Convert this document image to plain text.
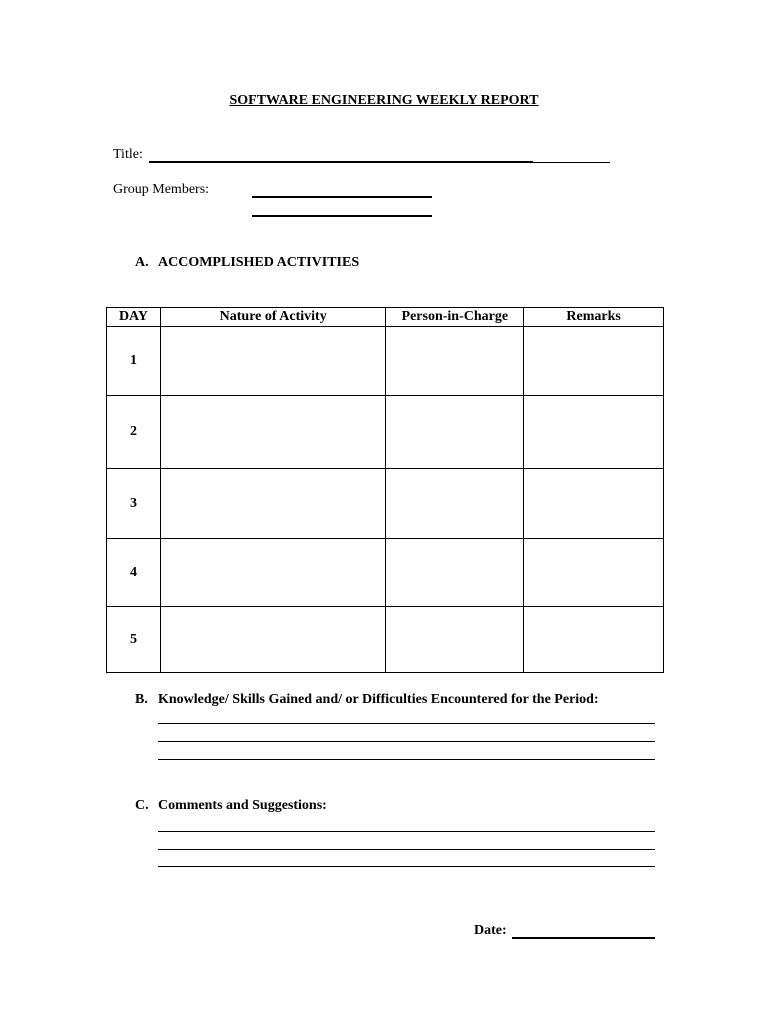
SOFTWARE ENGINEERING WEEKLY REPORT
Title:
Group Members:
A. ACCOMPLISHED ACTIVITIES
DAY	Nature of Activity	Person-in-Charge	Remarks
1			
2			
3			
4			
5			
B. Knowledge/ Skills Gained and/ or Difficulties Encountered for the Period:
C. Comments and Suggestions:
Date:
